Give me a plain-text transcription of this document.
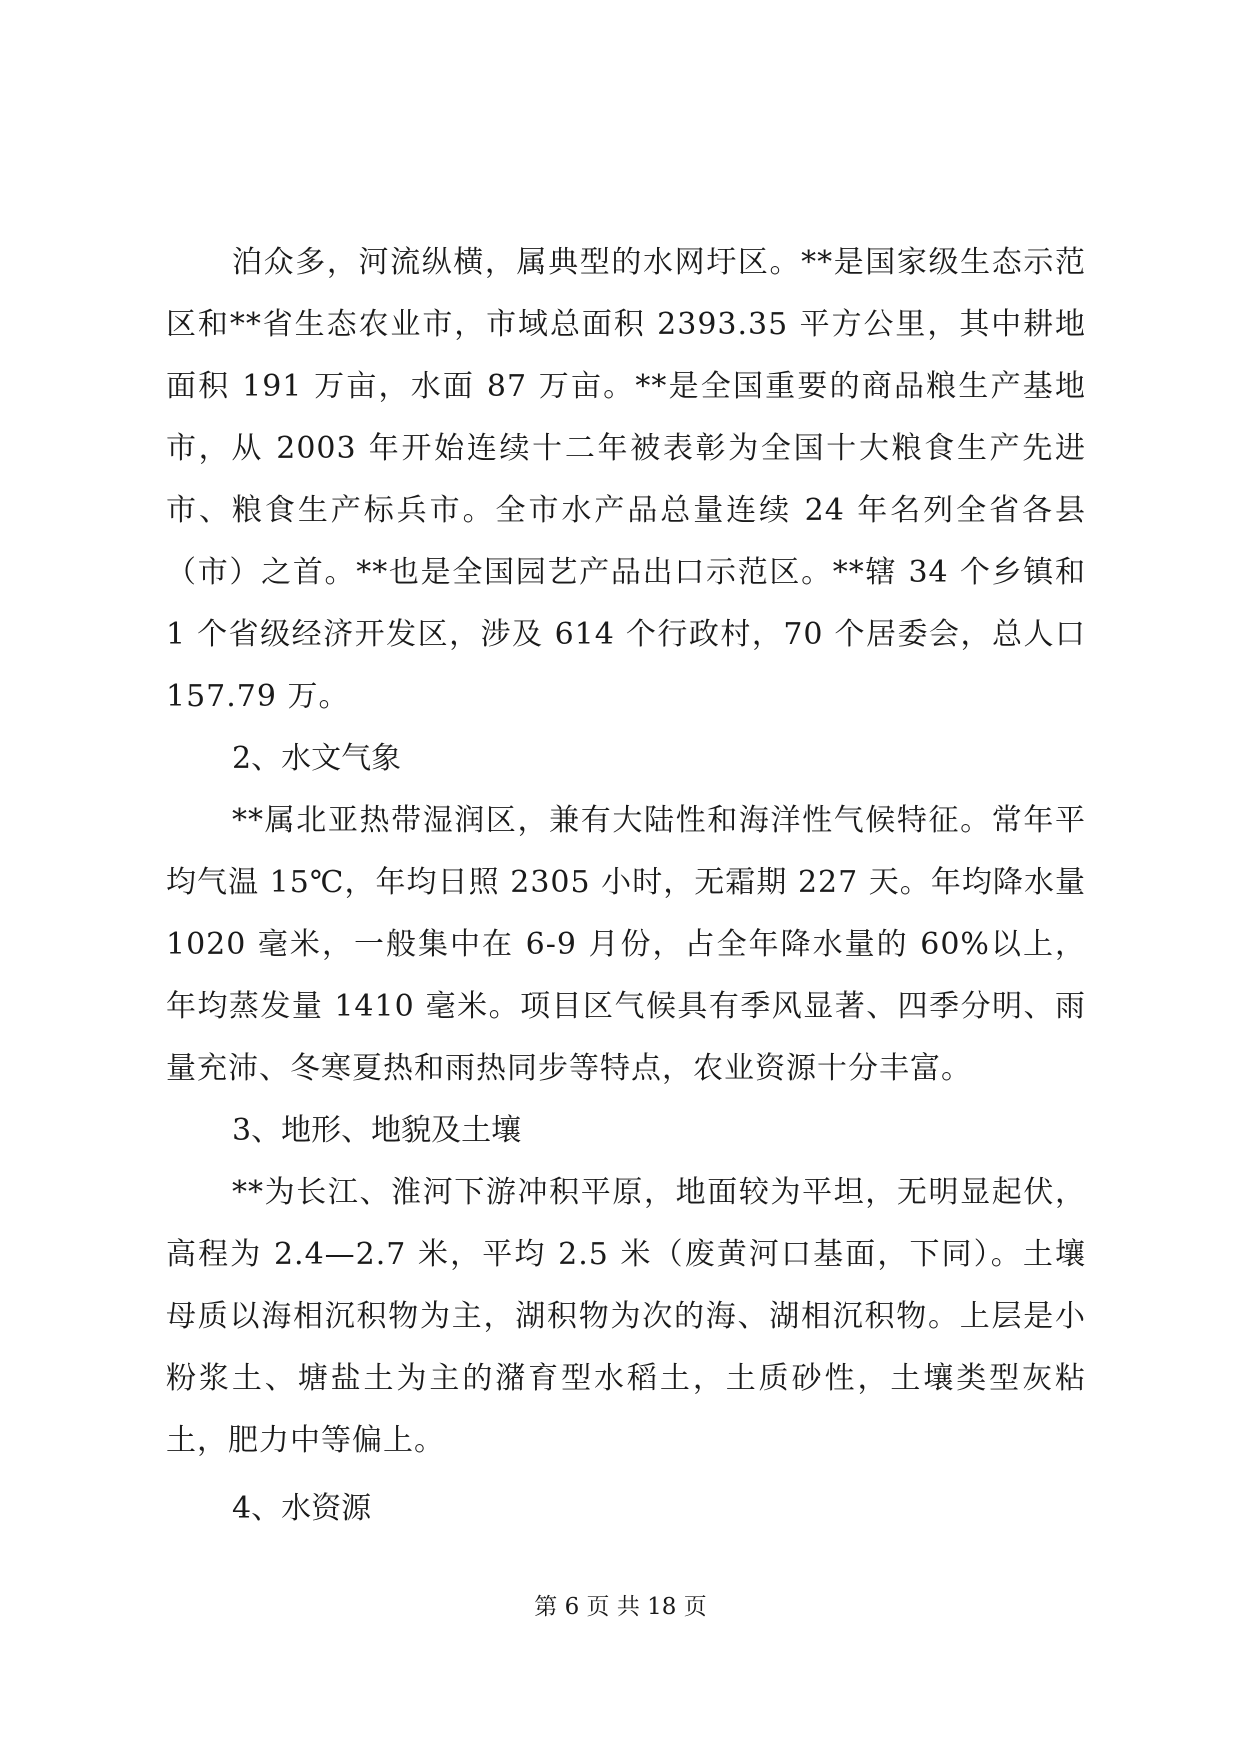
泊众多，河流纵横，属典型的水网圩区。**是国家级生态示范区和**省生态农业市，市域总面积 2393.35 平方公里，其中耕地面积 191 万亩，水面 87 万亩。**是全国重要的商品粮生产基地市，从 2003 年开始连续十二年被表彰为全国十大粮食生产先进市、粮食生产标兵市。全市水产品总量连续 24 年名列全省各县（市）之首。**也是全国园艺产品出口示范区。**辖 34 个乡镇和 1 个省级经济开发区，涉及 614 个行政村，70 个居委会，总人口 157.79 万。

2、水文气象

**属北亚热带湿润区，兼有大陆性和海洋性气候特征。常年平均气温 15℃，年均日照 2305 小时，无霜期 227 天。年均降水量 1020 毫米，一般集中在 6-9 月份，占全年降水量的 60%以上，年均蒸发量 1410 毫米。项目区气候具有季风显著、四季分明、雨量充沛、冬寒夏热和雨热同步等特点，农业资源十分丰富。

3、地形、地貌及土壤

**为长江、淮河下游冲积平原，地面较为平坦，无明显起伏，高程为 2.4—2.7 米，平均 2.5 米（废黄河口基面，下同）。土壤母质以海相沉积物为主，湖积物为次的海、湖相沉积物。上层是小粉浆土、塘盐土为主的潴育型水稻土，土质砂性，土壤类型灰粘土，肥力中等偏上。

4、水资源

第 6 页 共 18 页
